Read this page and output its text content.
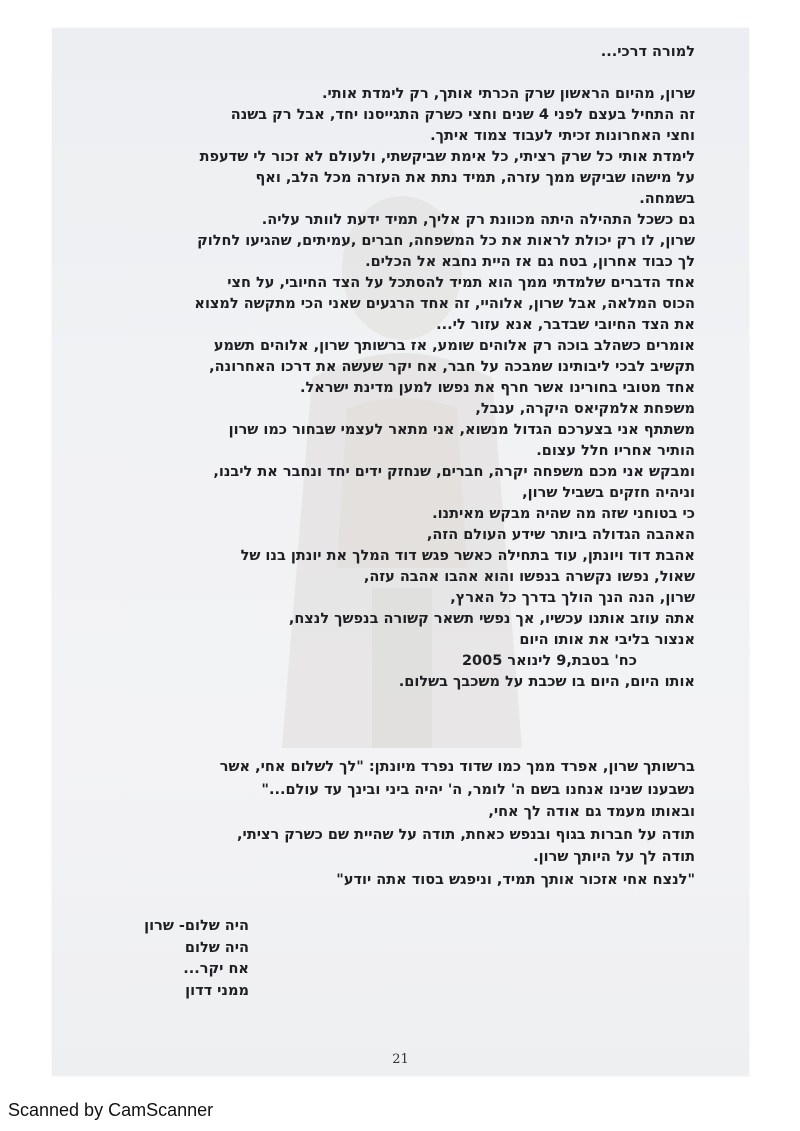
למורה דרכי...
שרון, מהיום הראשון שרק הכרתי אותך, רק לימדת אותי.
זה התחיל בעצם לפני 4 שנים וחצי כשרק התגייסנו יחד, אבל רק בשנה
וחצי האחרונות זכיתי לעבוד צמוד איתך.
לימדת אותי כל שרק רציתי, כל אימת שביקשתי, ולעולם לא זכור לי שדעפת
על מישהו שביקש ממך עזרה, תמיד נתת את העזרה מכל הלב, ואף
בשמחה.
גם כשכל התהילה היתה מכוונת רק אליך, תמיד ידעת לוותר עליה.
שרון, לו רק יכולת לראות את כל המשפחה, חברים ,עמיתים, שהגיעו לחלוק
לך כבוד אחרון, בטח גם אז היית נחבא אל הכלים.
אחד הדברים שלמדתי ממך הוא תמיד להסתכל על הצד החיובי, על חצי
הכוס המלאה, אבל שרון, אלוהיי, זה אחד הרגעים שאני הכי מתקשה למצוא
את הצד החיובי שבדבר, אנא עזור לי...
אומרים כשהלב בוכה רק אלוהים שומע, אז ברשותך שרון, אלוהים תשמע
תקשיב לבכי ליבותינו שמבכה על חבר, אח יקר שעשה את דרכו האחרונה,
אחד מטובי בחורינו אשר חרף את נפשו למען מדינת ישראל.
משפחת אלמקיאס היקרה, ענבל,
משתתף אני בצערכם הגדול מנשוא, אני מתאר לעצמי שבחור כמו שרון
הותיר אחריו חלל עצום.
ומבקש אני מכם משפחה יקרה, חברים, שנחזק ידים יחד ונחבר את ליבנו,
וניהיה חזקים בשביל שרון,
כי בטוחני שזה מה שהיה מבקש מאיתנו.
האהבה הגדולה ביותר שידע העולם הזה,
אהבת דוד ויונתן, עוד בתחילה כאשר פגש דוד המלך את יונתן בנו של
שאול, נפשו נקשרה בנפשו והוא אהבו אהבה עזה,
שרון, הנה הנך הולך בדרך כל הארץ,
אתה עוזב אותנו עכשיו, אך נפשי תשאר קשורה בנפשך לנצח,
אנצור בליבי את אותו היום
כח' בטבת,9 לינואר 2005
אותו היום, היום בו שכבת על משכבך בשלום.
ברשותך שרון, אפרד ממך כמו שדוד נפרד מיונתן: "לך לשלום אחי, אשר
נשבענו שנינו אנחנו בשם ה' לומר, ה' יהיה ביני ובינך עד עולם..."
ובאותו מעמד גם אודה לך אחי,
תודה על חברות בגוף ובנפש כאחת, תודה על שהיית שם כשרק רציתי,
תודה לך על היותך שרון.
"לנצח אחי אזכור אותך תמיד, וניפגש בסוד אתה יודע"
היה שלום- שרון
היה שלום
אח יקר...
ממני דדון
21
Scanned by CamScanner
